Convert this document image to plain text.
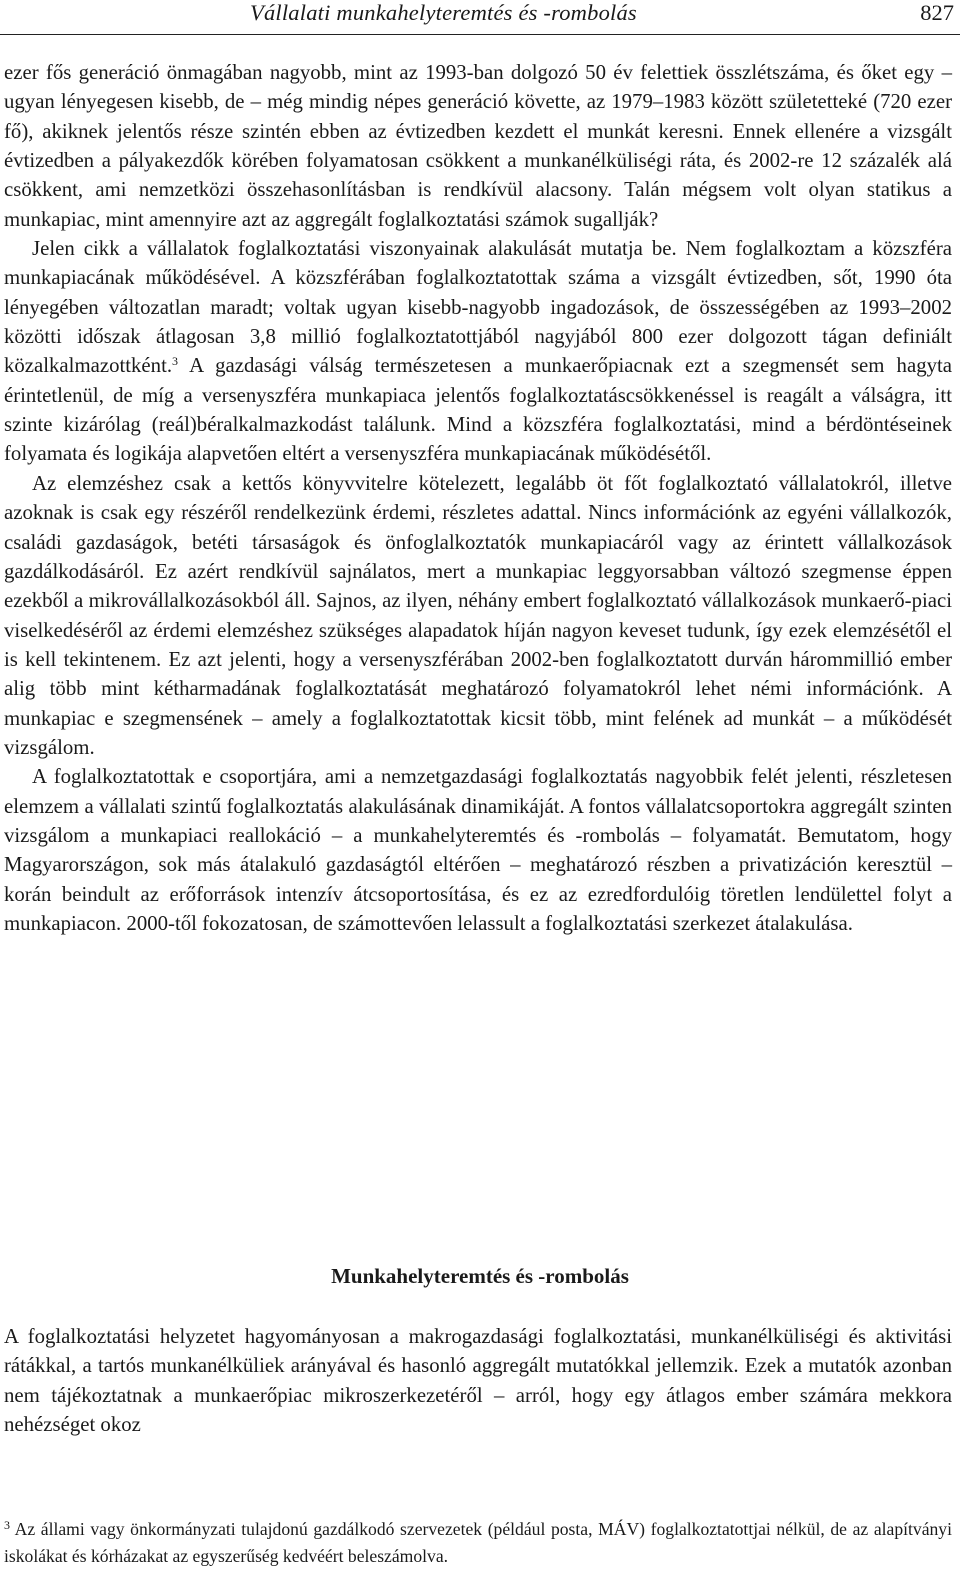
Vállalati munkahelyteremtés és -rombolás	827

ezer fős generáció önmagában nagyobb, mint az 1993-ban dolgozó 50 év felettiek összlétszáma, és őket egy – ugyan lényegesen kisebb, de – még mindig népes generáció követte, az 1979–1983 között születetteké (720 ezer fő), akiknek jelentős része szintén ebben az évtizedben kezdett el munkát keresni. Ennek ellenére a vizsgált évtizedben a pályakezdők körében folyamatosan csökkent a munkanélküliségi ráta, és 2002-re 12 százalék alá csökkent, ami nemzetközi összehasonlításban is rendkívül alacsony. Talán mégsem volt olyan statikus a munkapiac, mint amennyire azt az aggregált foglalkoztatási számok sugallják?

Jelen cikk a vállalatok foglalkoztatási viszonyainak alakulását mutatja be. Nem foglalkoztam a közszféra munkapiacának működésével. A közszférában foglalkoztatottak száma a vizsgált évtizedben, sőt, 1990 óta lényegében változatlan maradt; voltak ugyan kisebb-nagyobb ingadozások, de összességében az 1993–2002 közötti időszak átlagosan 3,8 millió foglalkoztatottjából nagyjából 800 ezer dolgozott tágan definiált közalkalmazottként.$^3$ A gazdasági válság természetesen a munkaerőpiacnak ezt a szegmensét sem hagyta érintetlenül, de míg a versenyszféra munkapiaca jelentős foglalkoztatáscsökkenéssel is reagált a válságra, itt szinte kizárólag (reál)béralkalmazkodást találunk. Mind a közszféra foglalkoztatási, mind a bérdöntéseinek folyamata és logikája alapvetően eltért a versenyszféra munkapiacának működésétől.

Az elemzéshez csak a kettős könyvvitelre kötelezett, legalább öt főt foglalkoztató vállalatokról, illetve azoknak is csak egy részéről rendelkezünk érdemi, részletes adattal. Nincs információnk az egyéni vállalkozók, családi gazdaságok, betéti társaságok és önfoglalkoztatók munkapiacáról vagy az érintett vállalkozások gazdálkodásáról. Ez azért rendkívül sajnálatos, mert a munkapiac leggyorsabban változó szegmense éppen ezekből a mikrovállalkozásokból áll. Sajnos, az ilyen, néhány embert foglalkoztató vállalkozások munkaerő-piaci viselkedéséről az érdemi elemzéshez szükséges alapadatok híján nagyon keveset tudunk, így ezek elemzésétől el is kell tekintenem. Ez azt jelenti, hogy a versenyszférában 2002-ben foglalkoztatott durván hárommillió ember alig több mint kétharmadának foglalkoztatását meghatározó folyamatokról lehet némi információnk. A munkapiac e szegmensének – amely a foglalkoztatottak kicsit több, mint felének ad munkát – a működését vizsgálom.

A foglalkoztatottak e csoportjára, ami a nemzetgazdasági foglalkoztatás nagyobbik felét jelenti, részletesen elemzem a vállalati szintű foglalkoztatás alakulásának dinamikáját. A fontos vállalatcsoportokra aggregált szinten vizsgálom a munkapiaci reallokáció – a munkahelyteremtés és -rombolás – folyamatát. Bemutatom, hogy Magyarországon, sok más átalakuló gazdaságtól eltérően – meghatározó részben a privatizáción keresztül – korán beindult az erőforrások intenzív átcsoportosítása, és ez az ezredfordulóig töretlen lendülettel folyt a munkapiacon. 2000-től fokozatosan, de számottevően lelassult a foglalkoztatási szerkezet átalakulása.

Munkahelyteremtés és -rombolás

A foglalkoztatási helyzetet hagyományosan a makrogazdasági foglalkoztatási, munkanélküliségi és aktivitási rátákkal, a tartós munkanélküliek arányával és hasonló aggregált mutatókkal jellemzik. Ezek a mutatók azonban nem tájékoztatnak a munkaerőpiac mikroszerkezetéről – arról, hogy egy átlagos ember számára mekkora nehézséget okoz

$^3$ Az állami vagy önkormányzati tulajdonú gazdálkodó szervezetek (például posta, MÁV) foglalkoztatottjai nélkül, de az alapítványi iskolákat és kórházakat az egyszerűség kedvéért beleszámolva.
